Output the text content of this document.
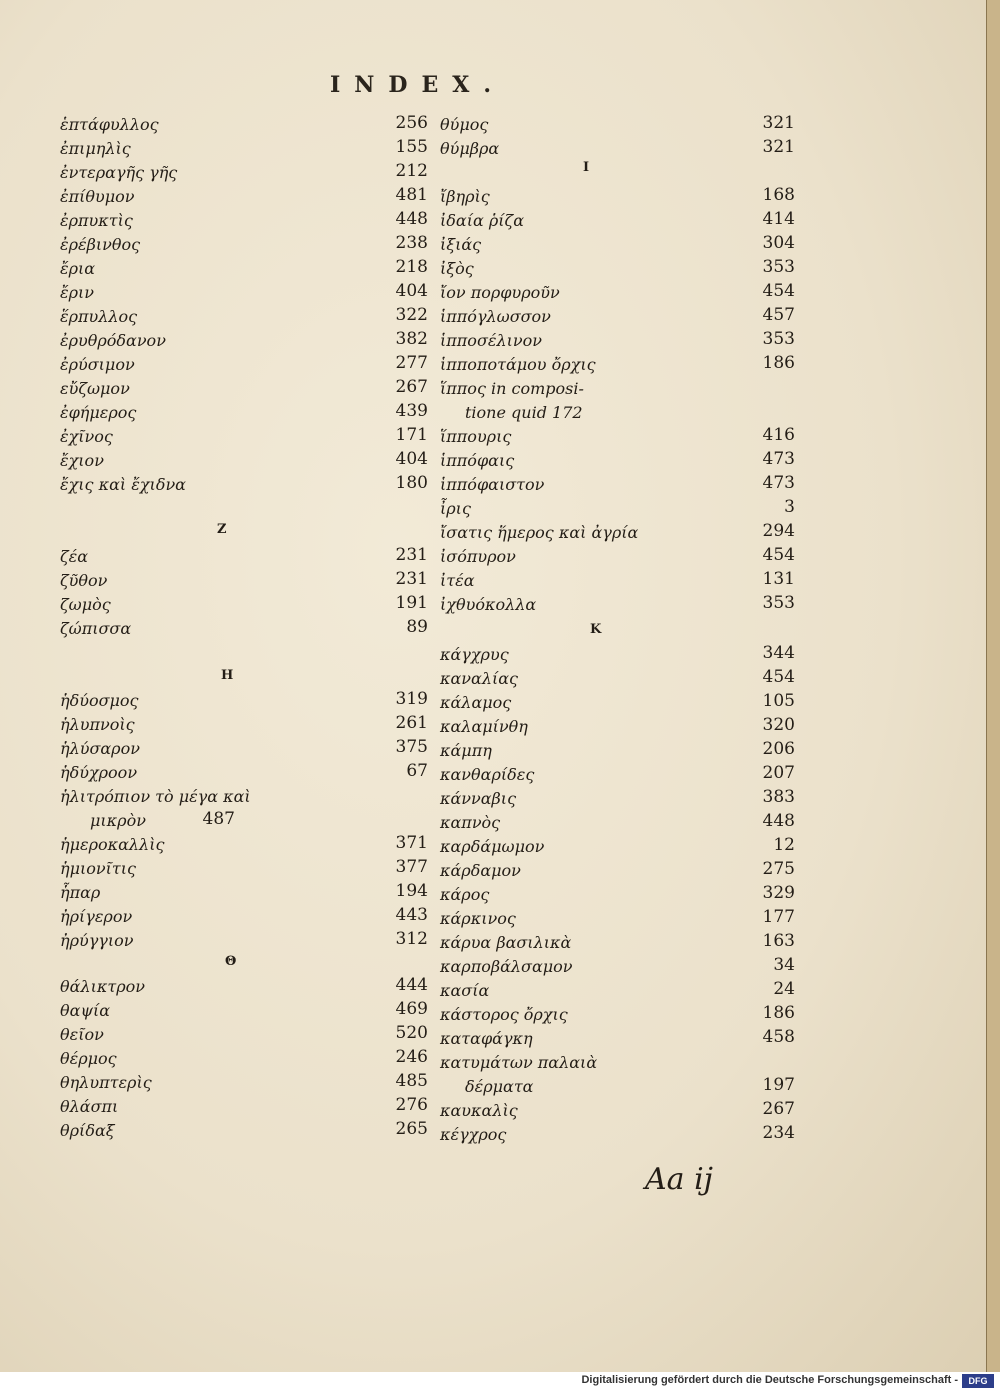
INDEX.
ἑπτάφυλλος	256
ἐπιμηλὶς	155
ἐντεραγῆς γῆς	212
ἐπίθυμον	481
ἐρπυκτὶς	448
ἐρέβινθος	238
ἔρια	218
ἔριν	404
ἕρπυλλος	322
ἐρυθρόδανον	382
ἐρύσιμον	277
εὔζωμον	267
ἐφήμερος	439
ἐχῖνος	171
ἔχιον	404
ἔχις καὶ ἔχιδνα	180
ζέα	231
ζῦθον	231
ζωμὸς	191
ζώπισσα	89
ἡδύοσμος	319
ἡλυπνοὶς	261
ἡλύσαρον	375
ἡδύχροον	67
ἡλιτρόπιον τὸ μέγα καὶ
μικρὸν	487
ἡμεροκαλλὶς	371
ἡμιονῖτις	377
ἧπαρ	194
ἠρίγερον	443
ἠρύγγιον	312
θάλικτρον	444
θαψία	469
θεῖον	520
θέρμος	246
θηλυπτερὶς	485
θλάσπι	276
θρίδαξ	265
θύμος	321
θύμβρα	321
ἴβηρὶς	168
ἰδαία ῥίζα	414
ἰξιάς	304
ἰξὸς	353
ἴον πορφυροῦν	454
ἱππόγλωσσον	457
ἱπποσέλινον	353
ἱπποποτάμου ὄρχις	186
ἵππος in composi-
tione quid 172
ἵππουρις	416
ἱππόφαις	473
ἱππόφαιστον	473
ἶρις	3
ἴσατις ἥμερος καὶ ἀγρία	294
ἰσόπυρον	454
ἰτέα	131
ἰχθυόκολλα	353
κάγχρυς	344
καναλίας	454
κάλαμος	105
καλαμίνθη	320
κάμπη	206
κανθαρίδες	207
κάνναβις	383
καπνὸς	448
καρδάμωμον	12
κάρδαμον	275
κάρος	329
κάρκινος	177
κάρυα βασιλικὰ	163
καρποβάλσαμον	34
κασία	24
κάστορος ὄρχις	186
καταφάγκη	458
κατυμάτων παλαιὰ
δέρματα	197
καυκαλὶς	267
κέγχρος	234
I
Z
H
Θ
K
Aa ij
Digitalisierung gefördert durch die Deutsche Forschungsgemeinschaft -	DFG
